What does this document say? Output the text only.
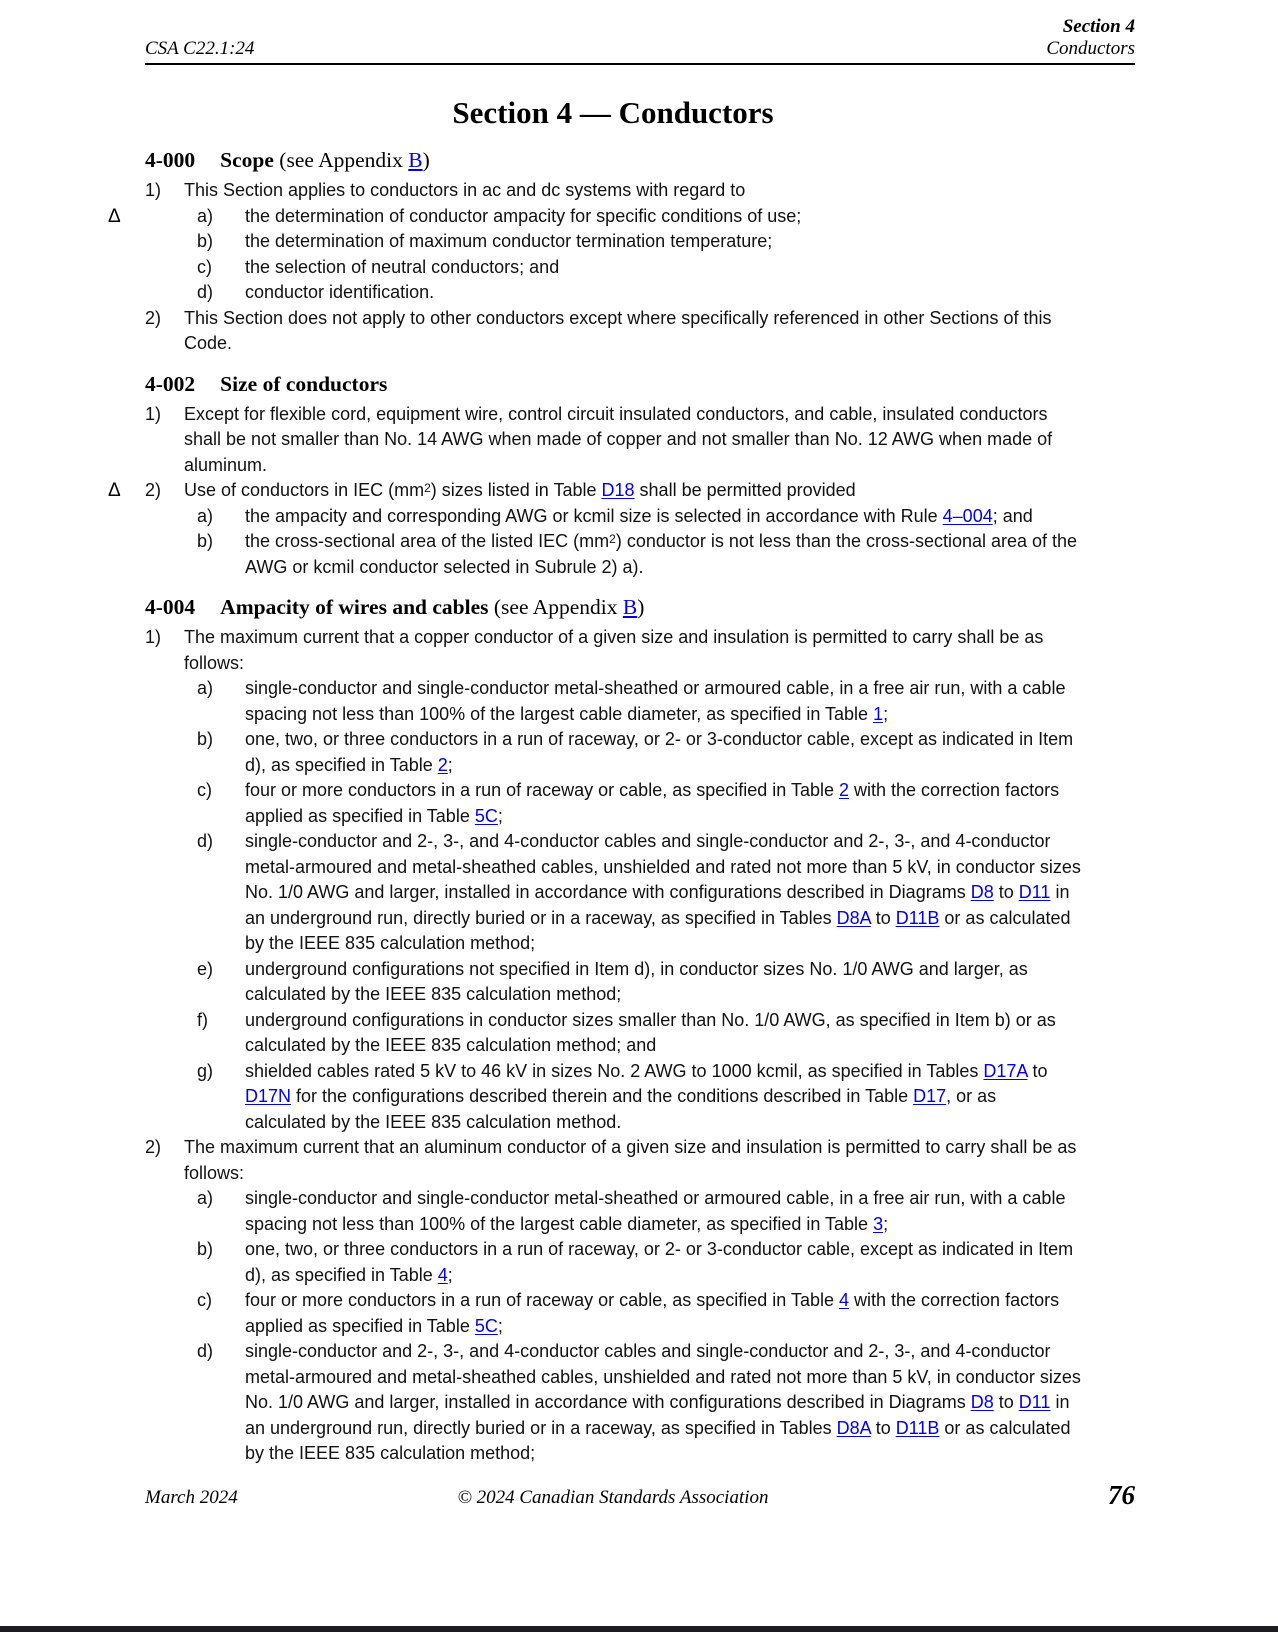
CSA C22.1:24
Section 4
Conductors
Section 4 — Conductors
4-000 Scope (see Appendix B)
1)	This Section applies to conductors in ac and dc systems with regard to
Δ	a)	the determination of conductor ampacity for specific conditions of use;
b)	the determination of maximum conductor termination temperature;
c)	the selection of neutral conductors; and
d)	conductor identification.
2)	This Section does not apply to other conductors except where specifically referenced in other Sections of this Code.
4-002 Size of conductors
1)	Except for flexible cord, equipment wire, control circuit insulated conductors, and cable, insulated conductors shall be not smaller than No. 14 AWG when made of copper and not smaller than No. 12 AWG when made of aluminum.
Δ 2)	Use of conductors in IEC $(mm^2)$ sizes listed in Table D18 shall be permitted provided
a)	the ampacity and corresponding AWG or kcmil size is selected in accordance with Rule 4–004; and
b)	the cross-sectional area of the listed IEC $(mm^2)$ conductor is not less than the cross-sectional area of the AWG or kcmil conductor selected in Subrule 2) a).
4-004 Ampacity of wires and cables (see Appendix B)
1)	The maximum current that a copper conductor of a given size and insulation is permitted to carry shall be as follows:
a)	single-conductor and single-conductor metal-sheathed or armoured cable, in a free air run, with a cable spacing not less than 100% of the largest cable diameter, as specified in Table 1;
b)	one, two, or three conductors in a run of raceway, or 2- or 3-conductor cable, except as indicated in Item d), as specified in Table 2;
c)	four or more conductors in a run of raceway or cable, as specified in Table 2 with the correction factors applied as specified in Table 5C;
d)	single-conductor and 2-, 3-, and 4-conductor cables and single-conductor and 2-, 3-, and 4-conductor metal-armoured and metal-sheathed cables, unshielded and rated not more than 5 kV, in conductor sizes No. 1/0 AWG and larger, installed in accordance with configurations described in Diagrams D8 to D11 in an underground run, directly buried or in a raceway, as specified in Tables D8A to D11B or as calculated by the IEEE 835 calculation method;
e)	underground configurations not specified in Item d), in conductor sizes No. 1/0 AWG and larger, as calculated by the IEEE 835 calculation method;
f)	underground configurations in conductor sizes smaller than No. 1/0 AWG, as specified in Item b) or as calculated by the IEEE 835 calculation method; and
g)	shielded cables rated 5 kV to 46 kV in sizes No. 2 AWG to 1000 kcmil, as specified in Tables D17A to D17N for the configurations described therein and the conditions described in Table D17, or as calculated by the IEEE 835 calculation method.
2)	The maximum current that an aluminum conductor of a given size and insulation is permitted to carry shall be as follows:
a)	single-conductor and single-conductor metal-sheathed or armoured cable, in a free air run, with a cable spacing not less than 100% of the largest cable diameter, as specified in Table 3;
b)	one, two, or three conductors in a run of raceway, or 2- or 3-conductor cable, except as indicated in Item d), as specified in Table 4;
c)	four or more conductors in a run of raceway or cable, as specified in Table 4 with the correction factors applied as specified in Table 5C;
d)	single-conductor and 2-, 3-, and 4-conductor cables and single-conductor and 2-, 3-, and 4-conductor metal-armoured and metal-sheathed cables, unshielded and rated not more than 5 kV, in conductor sizes No. 1/0 AWG and larger, installed in accordance with configurations described in Diagrams D8 to D11 in an underground run, directly buried or in a raceway, as specified in Tables D8A to D11B or as calculated by the IEEE 835 calculation method;
March 2024	© 2024 Canadian Standards Association	76
